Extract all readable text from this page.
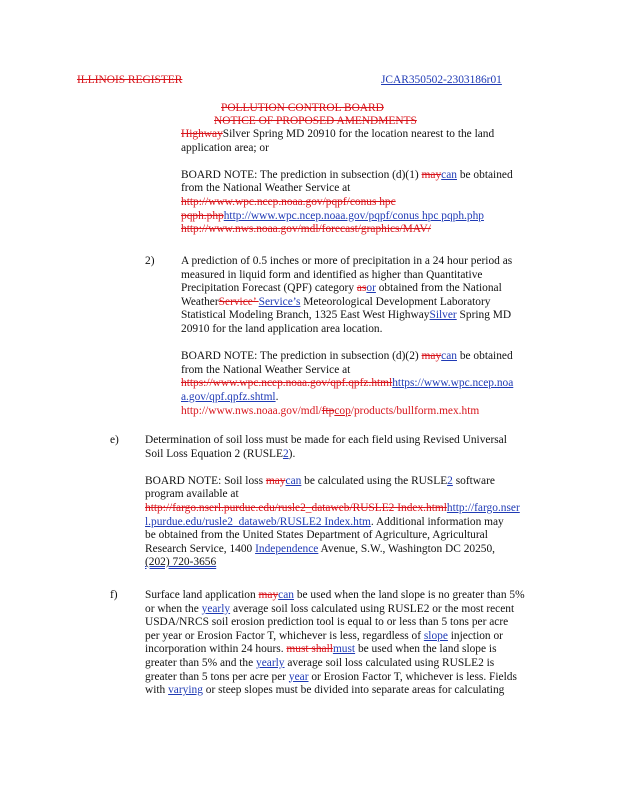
ILLINOIS REGISTER	JCAR350502-2303186r01
POLLUTION CONTROL BOARD
NOTICE OF PROPOSED AMENDMENTS

HighwaySilver Spring MD 20910 for the location nearest to the land

application area; or

BOARD NOTE: The prediction in subsection (d)(1) maycan be obtained

from the National Weather Service at

http://www.wpc.ncep.noaa.gov/pqpf/conus hpc

pqph.phphttp://www.wpc.ncep.noaa.gov/pqpf/conus hpc pqph.php

http://www.nws.noaa.gov/mdl/forecast/graphics/MAV/

2) A prediction of 0.5 inches or more of precipitation in a 24 hour period as

measured in liquid form and identified as higher than Quantitative

Precipitation Forecast (QPF) category asor obtained from the National

WeatherService’ Service’s Meteorological Development Laboratory

Statistical Modeling Branch, 1325 East West HighwaySilver Spring MD

20910 for the land application area location.

BOARD NOTE: The prediction in subsection (d)(2) maycan be obtained

from the National Weather Service at

https://www.wpc.ncep.noaa.gov/qpf.qpfz.htmlhttps://www.wpc.ncep.noa

a.gov/qpf.qpfz.shtml.

http://www.nws.noaa.gov/mdl/ftpcop/products/bullform.mex.htm

e) Determination of soil loss must be made for each field using Revised Universal

Soil Loss Equation 2 (RUSLE2).

BOARD NOTE: Soil loss maycan be calculated using the RUSLE2 software

program available at

http://fargo.nserl.purdue.edu/rusle2_dataweb/RUSLE2 Index.htmlhttp://fargo.nser

l.purdue.edu/rusle2_dataweb/RUSLE2 Index.htm. Additional information may

be obtained from the United States Department of Agriculture, Agricultural

Research Service, 1400 Independence Avenue, S.W., Washington DC 20250,

(202) 720-3656

f) Surface land application maycan be used when the land slope is no greater than 5%

or when the yearly average soil loss calculated using RUSLE2 or the most recent

USDA/NRCS soil erosion prediction tool is equal to or less than 5 tons per acre

per year or Erosion Factor T, whichever is less, regardless of slope injection or

incorporation within 24 hours. must shallmust be used when the land slope is

greater than 5% and the yearly average soil loss calculated using RUSLE2 is

greater than 5 tons per acre per year or Erosion Factor T, whichever is less. Fields

with varying or steep slopes must be divided into separate areas for calculating
